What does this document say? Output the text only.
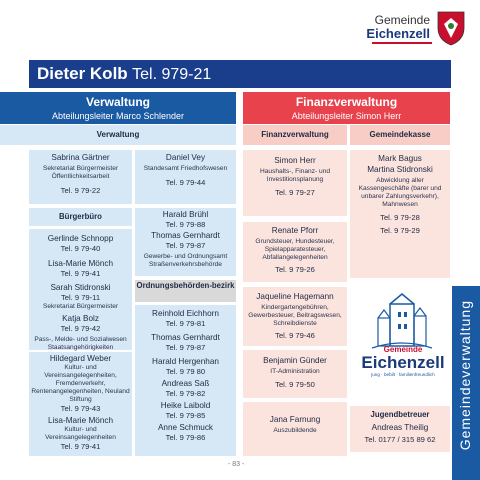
Gemeinde
Eichenzell
Dieter Kolb Tel. 979-21
Verwaltung
Abteilungsleiter Marco Schlender
Finanzverwaltung
Abteilungsleiter Simon Herr
Verwaltung	Finanzverwaltung	Gemeindekasse
Sabrina Gärtner
Sekretariat Bürgermeister Öffentlichkeitsarbeit
Tel. 9 79-22
Bürgerbüro
Gerlinde Schnopp
Tel. 9 79-40
Lisa-Marie Mönch
Tel. 9 79-41
Sarah Stidronski
Tel. 9 79-11
Sekretariat Bürgermeister
Katja Bolz
Tel. 9 79-42
Pass-, Melde- und Sozialwesen Staatsangehörigkeiten
Hildegard Weber
Kultur- und Vereinsangelegenheiten, Fremdenverkehr, Rentenangelegenheiten, Neuland Stiftung
Tel. 9 79-43
Lisa-Marie Mönch
Kultur- und Vereinsangelegenheiten
Tel. 9 79-41
Daniel Vey
Standesamt Friedhofswesen
Tel. 9 79-44
Harald Brühl
Tel. 9 79-88
Thomas Gernhardt
Tel. 9 79-87
Gewerbe- und Ordnungsamt Straßenverkehrsbehörde
Ordnungsbehörden-bezirk
Reinhold Eichhorn
Tel. 9 79-81
Thomas Gernhardt
Tel. 9 79-87
Harald Hergenhan
Tel. 9 79 80
Andreas Saß
Tel. 9 79-82
Heike Laibold
Tel. 9 79-85
Anne Schmuck
Tel. 9 79-86
Simon Herr
Haushalts-, Finanz- und Investitionsplanung
Tel. 9 79-27
Renate Pforr
Grundsteuer, Hundesteuer, Spielapparatesteuer, Abfallangelegenheiten
Tel. 9 79-26
Jaqueline Hagemann
Kindergartengebühren, Gewerbesteuer, Beitragswesen, Schreibdienste
Tel. 9 79-46
Benjamin Günder
IT-Administration
Tel. 9 79-50
Jana Farnung
Auszubildende
Mark Bagus
Martina Stidronski
Abwicklung aller Kassengeschäfte (barer und unbarer Zahlungsverkehr), Mahnwesen
Tel. 9 79-28
Tel. 9 79-29
Gemeinde
Eichenzell
jung · bebilt · familienfreundlich
Jugendbetreuer
Andreas Theilig
Tel. 0177 / 315 89 62	Gemeindeverwaltung
- 83 -
